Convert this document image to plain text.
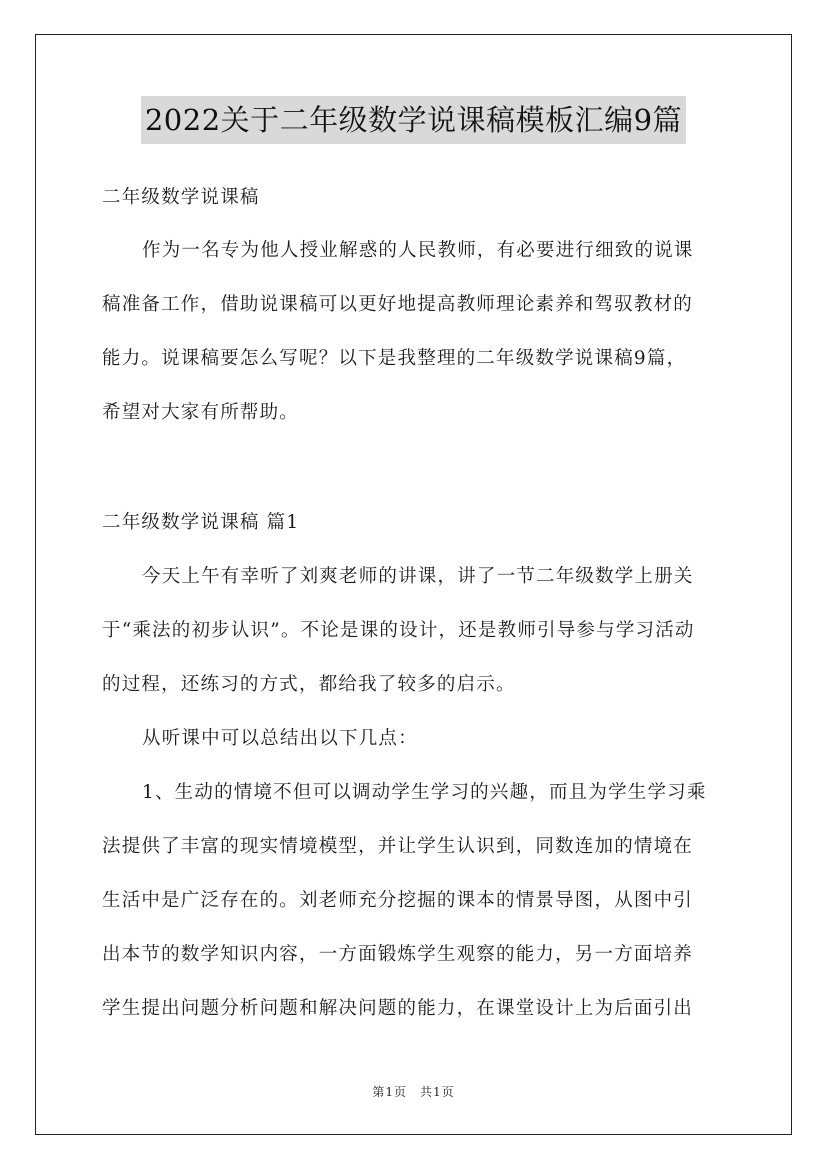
2022关于二年级数学说课稿模板汇编9篇
二年级数学说课稿
作为一名专为他人授业解惑的人民教师，有必要进行细致的说课
稿准备工作，借助说课稿可以更好地提高教师理论素养和驾驭教材的
能力。说课稿要怎么写呢？以下是我整理的二年级数学说课稿9篇，
希望对大家有所帮助。
二年级数学说课稿 篇1
今天上午有幸听了刘爽老师的讲课，讲了一节二年级数学上册关
于“乘法的初步认识”。不论是课的设计，还是教师引导参与学习活动
的过程，还练习的方式，都给我了较多的启示。
从听课中可以总结出以下几点：
1、生动的情境不但可以调动学生学习的兴趣，而且为学生学习乘
法提供了丰富的现实情境模型，并让学生认识到，同数连加的情境在
生活中是广泛存在的。刘老师充分挖掘的课本的情景导图，从图中引
出本节的数学知识内容，一方面锻炼学生观察的能力，另一方面培养
学生提出问题分析问题和解决问题的能力，在课堂设计上为后面引出
第1页　共1页
